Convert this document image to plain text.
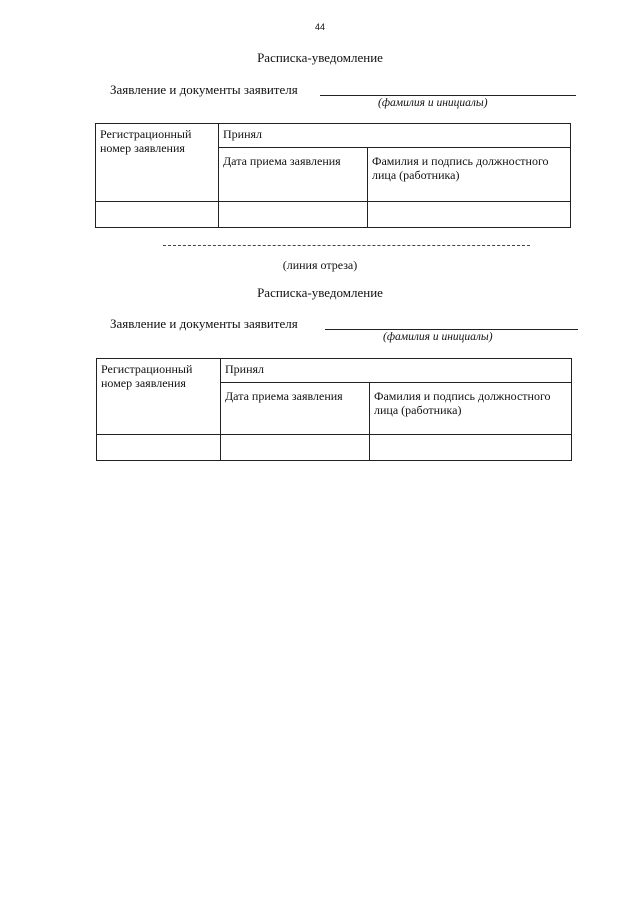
44
Расписка-уведомление
Заявление и документы заявителя
(фамилия и инициалы)
Регистрационный номер заявления	Принял	
	Дата приема заявления	Фамилия и подпись должностного лица (работника)

(линия отреза)
Расписка-уведомление
Заявление и документы заявителя
(фамилия и инициалы)
Регистрационный номер заявления	Принял	
	Дата приема заявления	Фамилия и подпись должностного лица (работника)
